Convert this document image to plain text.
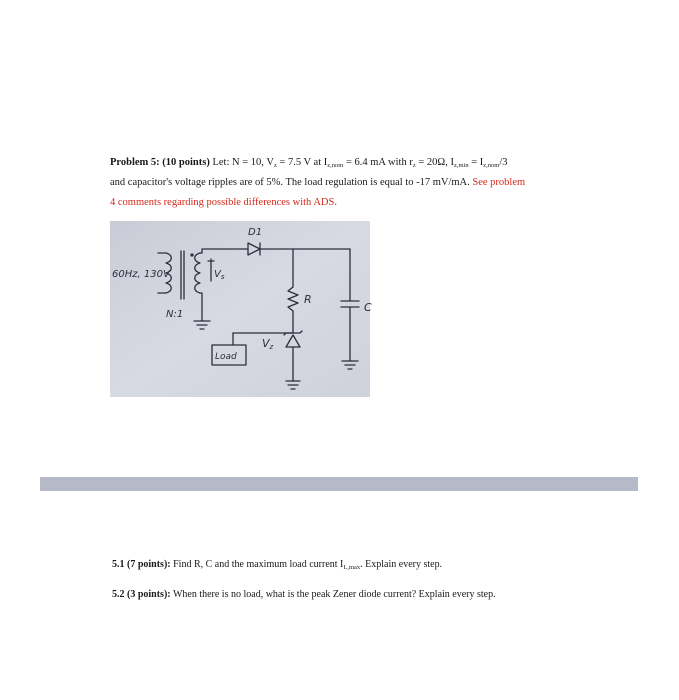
Problem 5: (10 points) Let: N = 10, $V_z = 7.5$ V at $I_{z,nom} = 6.4$ mA with $r_z = 20\Omega$, $I_{z,min} = I_{z,nom}/3$
and capacitor's voltage ripples are of 5%. The load regulation is equal to -17 mV/mA. See problem
4 comments regarding possible differences with ADS.
60Hz, 130V
N:1
$V_s$
D1
R
C
Load
Vz
5.1 (7 points): Find R, C and the maximum load current $I_{L,max}$. Explain every step.
5.2 (3 points): When there is no load, what is the peak Zener diode current? Explain every step.
